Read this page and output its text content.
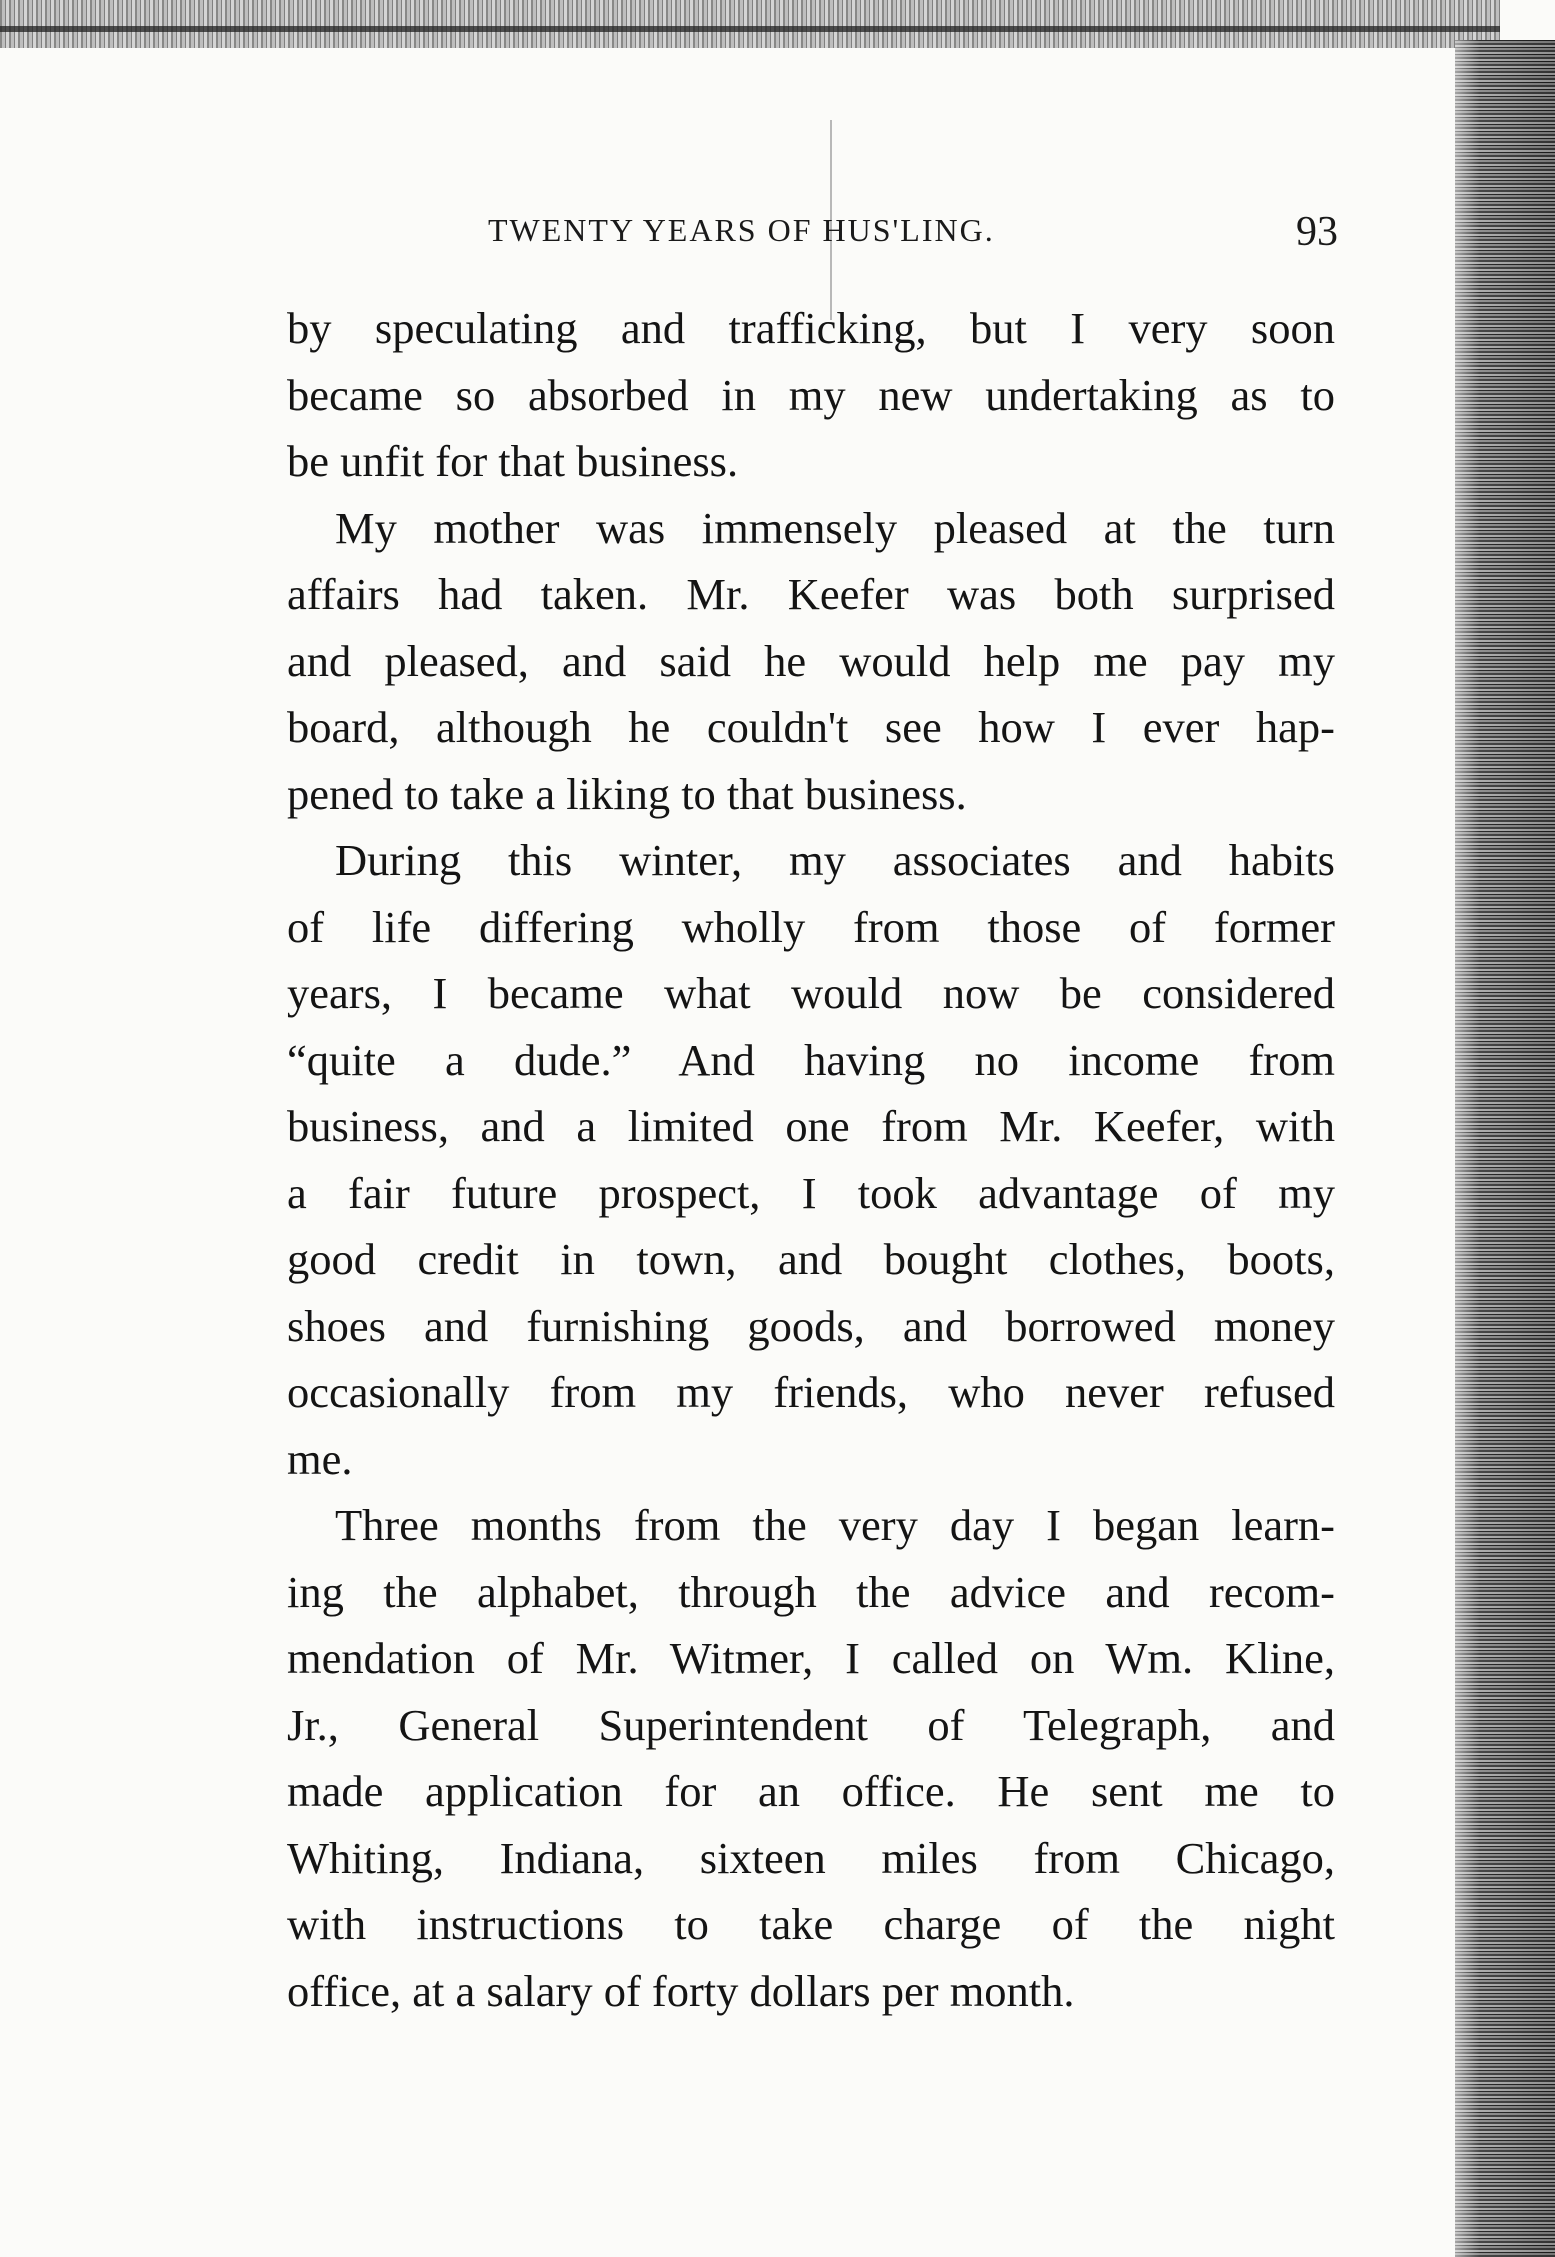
TWENTY YEARS OF HUS'LING.	93
by speculating and trafficking, but I very soon
became so absorbed in my new undertaking as to
be unfit for that business.
My mother was immensely pleased at the turn
affairs had taken. Mr. Keefer was both surprised
and pleased, and said he would help me pay my
board, although he couldn't see how I ever hap-
pened to take a liking to that business.
During this winter, my associates and habits
of life differing wholly from those of former
years, I became what would now be considered
“quite a dude.” And having no income from
business, and a limited one from Mr. Keefer, with
a fair future prospect, I took advantage of my
good credit in town, and bought clothes, boots,
shoes and furnishing goods, and borrowed money
occasionally from my friends, who never refused
me.
Three months from the very day I began learn-
ing the alphabet, through the advice and recom-
mendation of Mr. Witmer, I called on Wm. Kline,
Jr., General Superintendent of Telegraph, and
made application for an office. He sent me to
Whiting, Indiana, sixteen miles from Chicago,
with instructions to take charge of the night
office, at a salary of forty dollars per month.
